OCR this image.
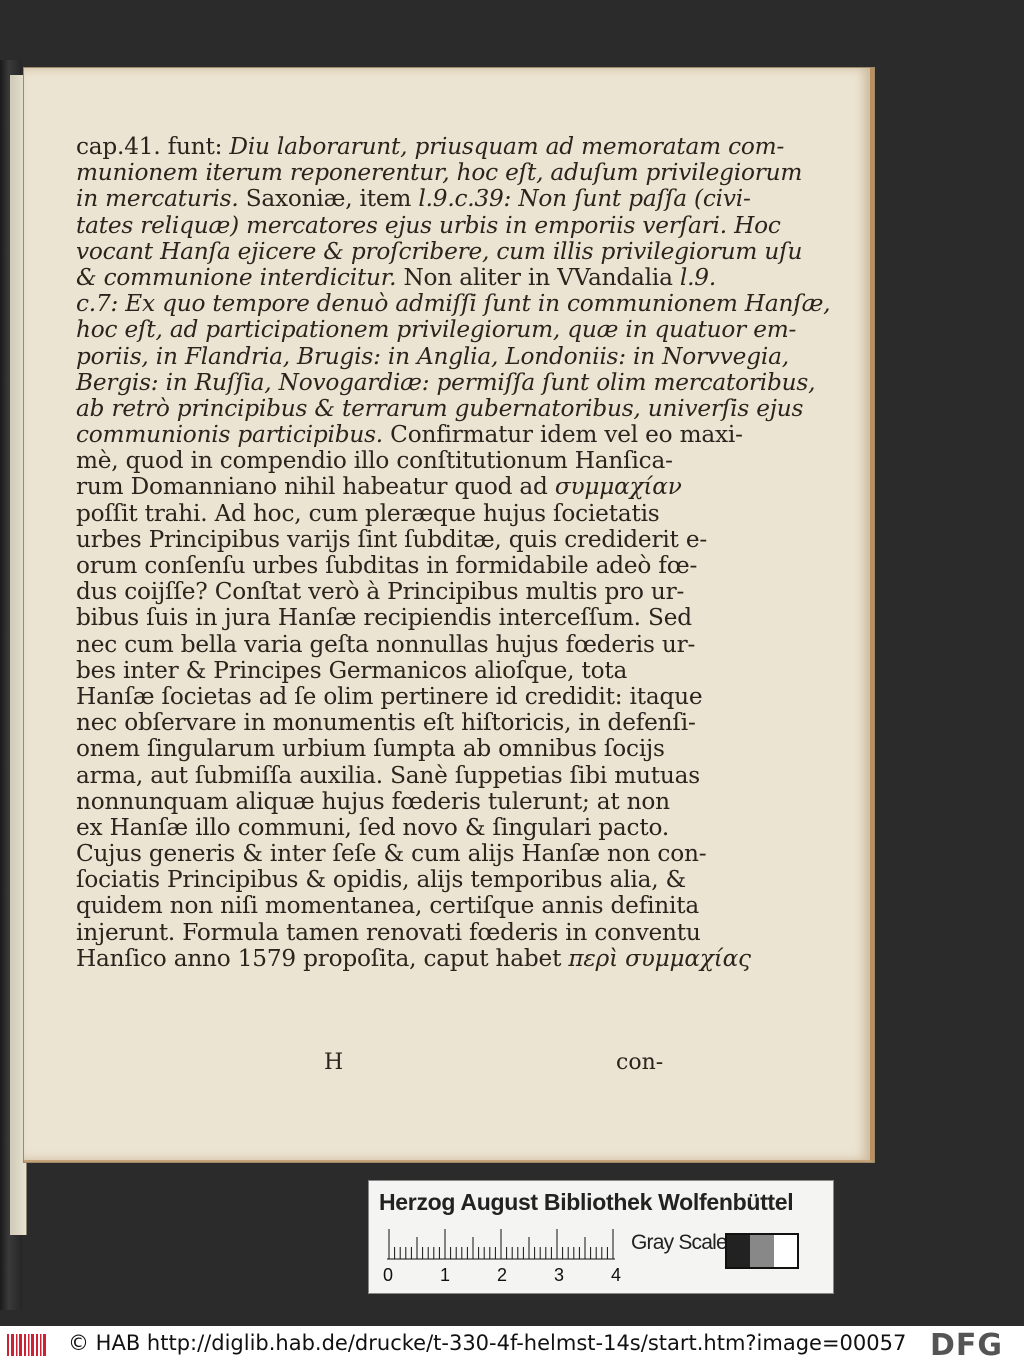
cap.41. funt: Diu laborarunt, priusquam ad memoratam com-
munionem iterum reponerentur, hoc eſt, aduſum privilegiorum
in mercaturis. Saxoniæ, item l.9.c.39: Non ſunt paſſa (civi-
tates reliquæ) mercatores ejus urbis in emporiis verſari. Hoc
vocant Hanſa ejicere & proſcribere, cum illis privilegiorum uſu
& communione interdicitur. Non aliter in VVandalia l.9.
c.7: Ex quo tempore denuò admiſſi ſunt in communionem Hanſæ,
hoc eſt, ad participationem privilegiorum, quæ in quatuor em-
poriis, in Flandria, Brugis: in Anglia, Londoniis: in Norvvegia,
Bergis: in Ruſſia, Novogardiæ: permiſſa ſunt olim mercatoribus,
ab retrò principibus & terrarum gubernatoribus, univerſis ejus
communionis participibus. Confirmatur idem vel eo maxi-
mè, quod in compendio illo conſtitutionum Hanſica-
rum Domanniano nihil habeatur quod ad συμμαχίαν
poſſit trahi. Ad hoc, cum pleræque hujus ſocietatis
urbes Principibus varijs ſint ſubditæ, quis crediderit e-
orum conſenſu urbes ſubditas in formidabile adeò fœ-
dus coijſſe? Conſtat verò à Principibus multis pro ur-
bibus ſuis in jura Hanſæ recipiendis interceſſum. Sed
nec cum bella varia geſta nonnullas hujus fœderis ur-
bes inter & Principes Germanicos alioſque, tota
Hanſæ ſocietas ad ſe olim pertinere id credidit: itaque
nec obſervare in monumentis eſt hiſtoricis, in defenſi-
onem ſingularum urbium ſumpta ab omnibus ſocijs
arma, aut ſubmiſſa auxilia. Sanè ſuppetias ſibi mutuas
nonnunquam aliquæ hujus fœderis tulerunt; at non
ex Hanſæ illo communi, ſed novo & ſingulari pacto.
Cujus generis & inter ſeſe & cum alijs Hanſæ non con-
ſociatis Principibus & opidis, alijs temporibus alia, &
quidem non niſi momentanea, certiſque annis definita
injerunt. Formula tamen renovati fœderis in conventu
Hanſico anno 1579 propoſita, caput habet περὶ συμμαχίας
H	con-
Herzog August Bibliothek Wolfenbüttel
0	1	2	3	4
Gray Scale
© HAB http://diglib.hab.de/drucke/t-330-4f-helmst-14s/start.htm?image=00057 DFG
